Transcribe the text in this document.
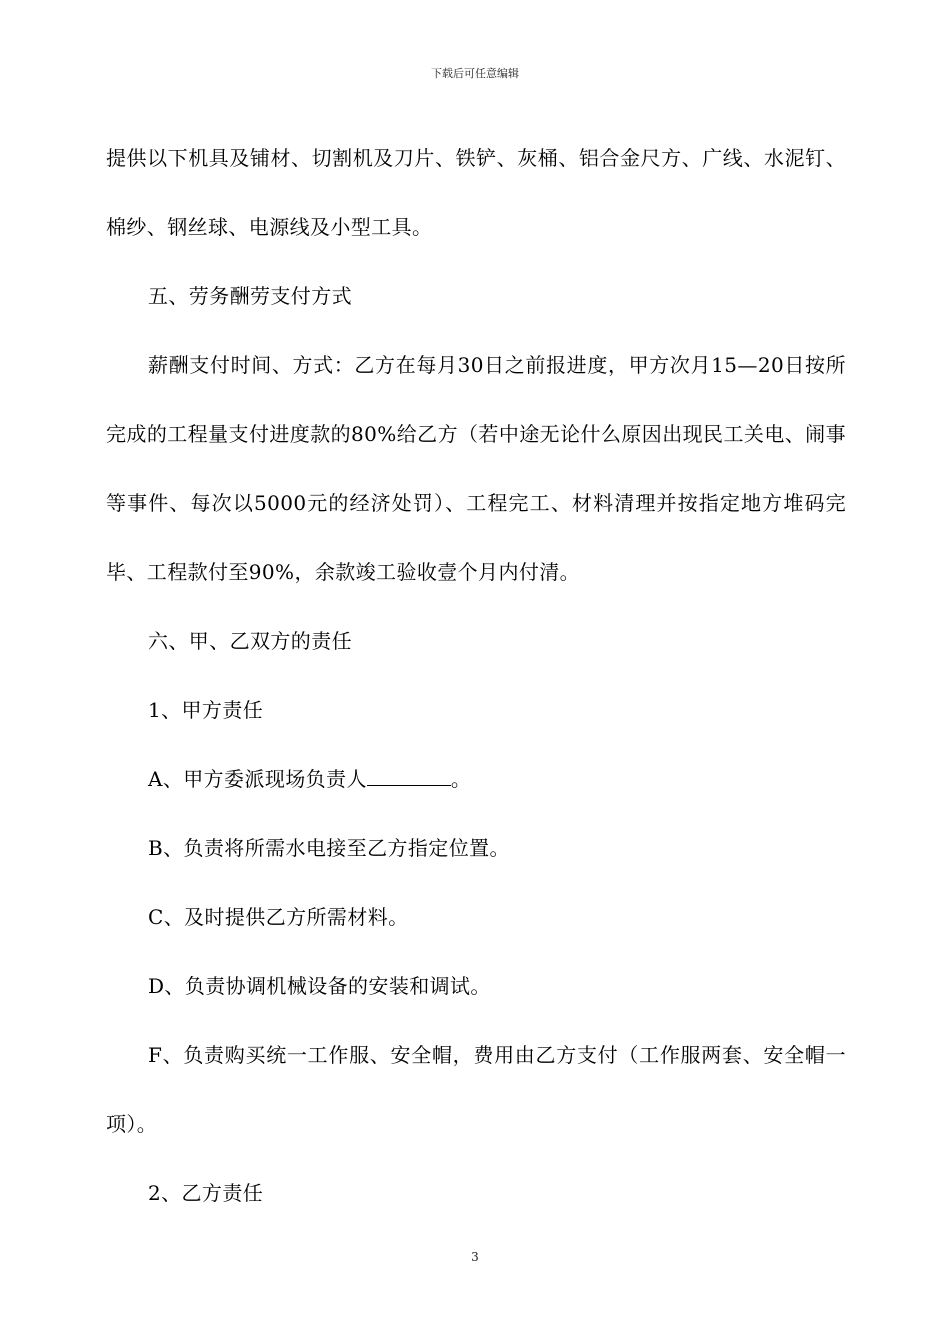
下载后可任意编辑

提供以下机具及铺材、切割机及刀片、铁铲、灰桶、铝合金尺方、广线、水泥钉、棉纱、钢丝球、电源线及小型工具。

五、劳务酬劳支付方式

薪酬支付时间、方式：乙方在每月30日之前报进度，甲方次月15—20日按所完成的工程量支付进度款的80%给乙方（若中途无论什么原因出现民工关电、闹事等事件、每次以5000元的经济处罚）、工程完工、材料清理并按指定地方堆码完毕、工程款付至90%，余款竣工验收壹个月内付清。

六、甲、乙双方的责任

1、甲方责任

A、甲方委派现场负责人	。

B、负责将所需水电接至乙方指定位置。

C、及时提供乙方所需材料。

D、负责协调机械设备的安装和调试。

F、负责购买统一工作服、安全帽，费用由乙方支付（工作服两套、安全帽一项）。

2、乙方责任

3
